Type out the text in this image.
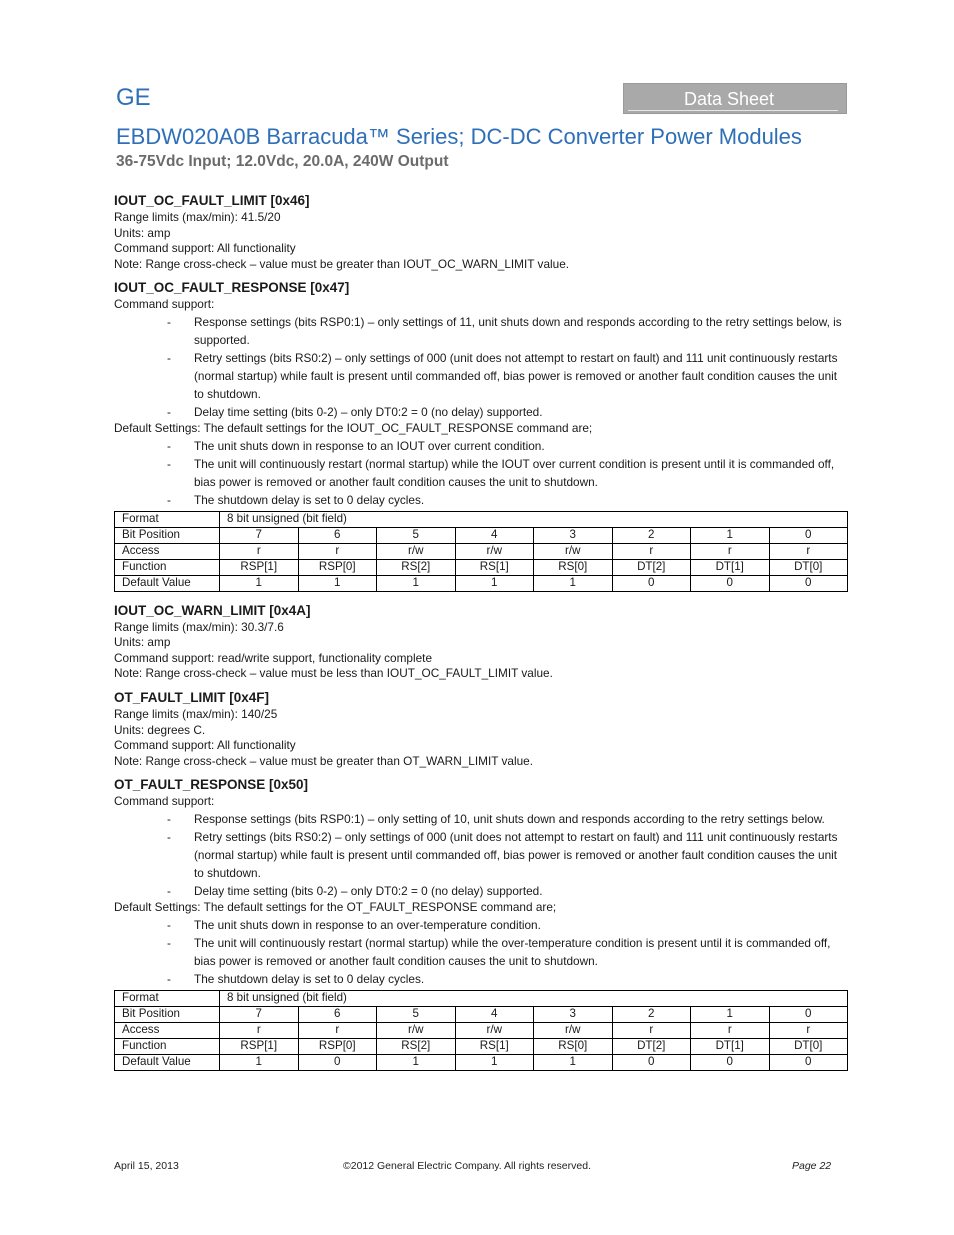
GE	Data Sheet
EBDW020A0B Barracuda™ Series; DC-DC Converter Power Modules
36-75Vdc Input; 12.0Vdc, 20.0A, 240W Output
IOUT_OC_FAULT_LIMIT [0x46]
Range limits (max/min): 41.5/20
Units: amp
Command support: All functionality
Note: Range cross-check – value must be greater than IOUT_OC_WARN_LIMIT value.
IOUT_OC_FAULT_RESPONSE [0x47]
Command support:
- Response settings (bits RSP0:1) – only settings of 11, unit shuts down and responds according to the retry settings below, is supported.
- Retry settings (bits RS0:2) – only settings of 000 (unit does not attempt to restart on fault) and 111 unit continuously restarts (normal startup) while fault is present until commanded off, bias power is removed or another fault condition causes the unit to shutdown.
- Delay time setting (bits 0-2) – only DT0:2 = 0 (no delay) supported.
Default Settings: The default settings for the IOUT_OC_FAULT_RESPONSE command are;
- The unit shuts down in response to an IOUT over current condition.
- The unit will continuously restart (normal startup) while the IOUT over current condition is present until it is commanded off, bias power is removed or another fault condition causes the unit to shutdown.
- The shutdown delay is set to 0 delay cycles.
Format	8 bit unsigned (bit field)							
Bit Position	7	6	5	4	3	2	1	0
Access	r	r	r/w	r/w	r/w	r	r	r
Function	RSP[1]	RSP[0]	RS[2]	RS[1]	RS[0]	DT[2]	DT[1]	DT[0]
Default Value	1	1	1	1	1	0	0	0
IOUT_OC_WARN_LIMIT [0x4A]
Range limits (max/min): 30.3/7.6
Units: amp
Command support: read/write support, functionality complete
Note: Range cross-check – value must be less than IOUT_OC_FAULT_LIMIT value.
OT_FAULT_LIMIT [0x4F]
Range limits (max/min): 140/25
Units: degrees C.
Command support: All functionality
Note: Range cross-check – value must be greater than OT_WARN_LIMIT value.
OT_FAULT_RESPONSE [0x50]
Command support:
- Response settings (bits RSP0:1) – only setting of 10, unit shuts down and responds according to the retry settings below.
- Retry settings (bits RS0:2) – only settings of 000 (unit does not attempt to restart on fault) and 111 unit continuously restarts (normal startup) while fault is present until commanded off, bias power is removed or another fault condition causes the unit to shutdown.
- Delay time setting (bits 0-2) – only DT0:2 = 0 (no delay) supported.
Default Settings: The default settings for the OT_FAULT_RESPONSE command are;
- The unit shuts down in response to an over-temperature condition.
- The unit will continuously restart (normal startup) while the over-temperature condition is present until it is commanded off, bias power is removed or another fault condition causes the unit to shutdown.
- The shutdown delay is set to 0 delay cycles.
Format	8 bit unsigned (bit field)							
Bit Position	7	6	5	4	3	2	1	0
Access	r	r	r/w	r/w	r/w	r	r	r
Function	RSP[1]	RSP[0]	RS[2]	RS[1]	RS[0]	DT[2]	DT[1]	DT[0]
Default Value	1	0	1	1	1	0	0	0
April 15, 2013	©2012 General Electric Company. All rights reserved.	Page 22
